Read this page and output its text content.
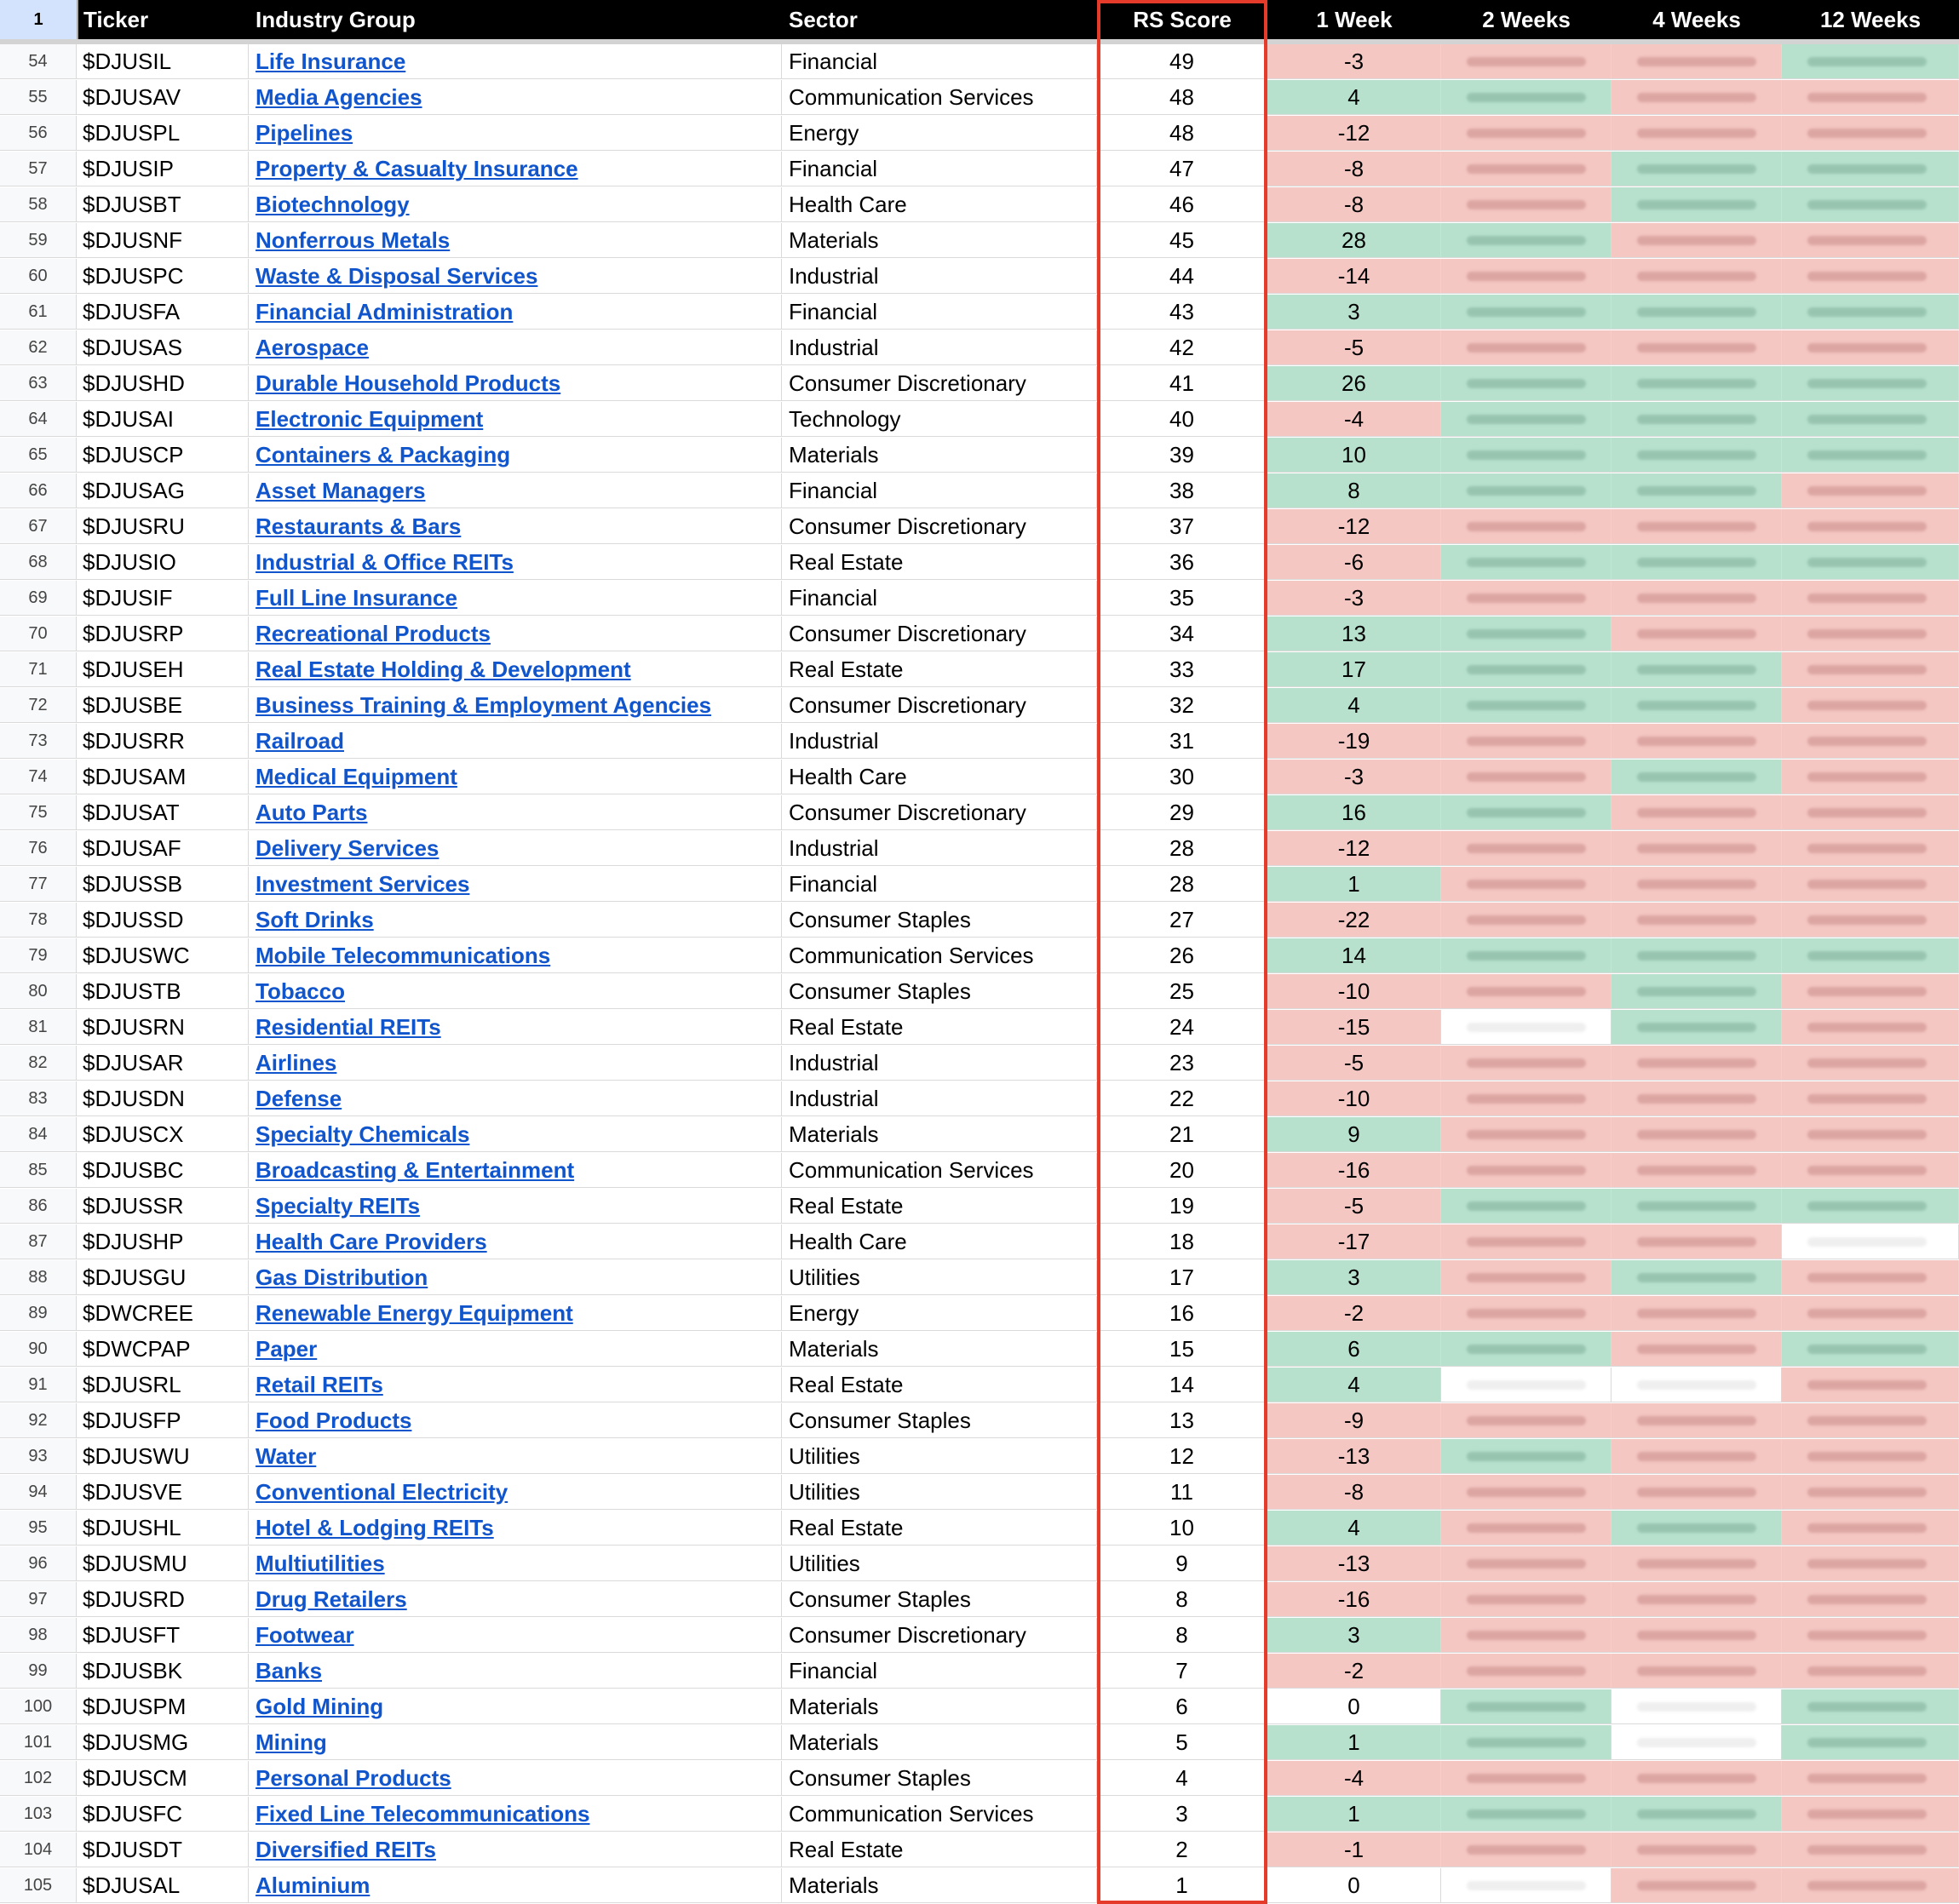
1	Ticker	Industry Group	Sector	RS Score	1 Week	2 Weeks	4 Weeks	12 Weeks
54	$DJUSIL	Life Insurance	Financial	49	-3
55	$DJUSAV	Media Agencies	Communication Services	48	4
56	$DJUSPL	Pipelines	Energy	48	-12
57	$DJUSIP	Property & Casualty Insurance	Financial	47	-8
58	$DJUSBT	Biotechnology	Health Care	46	-8
59	$DJUSNF	Nonferrous Metals	Materials	45	28
60	$DJUSPC	Waste & Disposal Services	Industrial	44	-14
61	$DJUSFA	Financial Administration	Financial	43	3
62	$DJUSAS	Aerospace	Industrial	42	-5
63	$DJUSHD	Durable Household Products	Consumer Discretionary	41	26
64	$DJUSAI	Electronic Equipment	Technology	40	-4
65	$DJUSCP	Containers & Packaging	Materials	39	10
66	$DJUSAG	Asset Managers	Financial	38	8
67	$DJUSRU	Restaurants & Bars	Consumer Discretionary	37	-12
68	$DJUSIO	Industrial & Office REITs	Real Estate	36	-6
69	$DJUSIF	Full Line Insurance	Financial	35	-3
70	$DJUSRP	Recreational Products	Consumer Discretionary	34	13
71	$DJUSEH	Real Estate Holding & Development	Real Estate	33	17
72	$DJUSBE	Business Training & Employment Agencies	Consumer Discretionary	32	4
73	$DJUSRR	Railroad	Industrial	31	-19
74	$DJUSAM	Medical Equipment	Health Care	30	-3
75	$DJUSAT	Auto Parts	Consumer Discretionary	29	16
76	$DJUSAF	Delivery Services	Industrial	28	-12
77	$DJUSSB	Investment Services	Financial	28	1
78	$DJUSSD	Soft Drinks	Consumer Staples	27	-22
79	$DJUSWC	Mobile Telecommunications	Communication Services	26	14
80	$DJUSTB	Tobacco	Consumer Staples	25	-10
81	$DJUSRN	Residential REITs	Real Estate	24	-15
82	$DJUSAR	Airlines	Industrial	23	-5
83	$DJUSDN	Defense	Industrial	22	-10
84	$DJUSCX	Specialty Chemicals	Materials	21	9
85	$DJUSBC	Broadcasting & Entertainment	Communication Services	20	-16
86	$DJUSSR	Specialty REITs	Real Estate	19	-5
87	$DJUSHP	Health Care Providers	Health Care	18	-17
88	$DJUSGU	Gas Distribution	Utilities	17	3
89	$DWCREE	Renewable Energy Equipment	Energy	16	-2
90	$DWCPAP	Paper	Materials	15	6
91	$DJUSRL	Retail REITs	Real Estate	14	4
92	$DJUSFP	Food Products	Consumer Staples	13	-9
93	$DJUSWU	Water	Utilities	12	-13
94	$DJUSVE	Conventional Electricity	Utilities	11	-8
95	$DJUSHL	Hotel & Lodging REITs	Real Estate	10	4
96	$DJUSMU	Multiutilities	Utilities	9	-13
97	$DJUSRD	Drug Retailers	Consumer Staples	8	-16
98	$DJUSFT	Footwear	Consumer Discretionary	8	3
99	$DJUSBK	Banks	Financial	7	-2
100	$DJUSPM	Gold Mining	Materials	6	0
101	$DJUSMG	Mining	Materials	5	1
102	$DJUSCM	Personal Products	Consumer Staples	4	-4
103	$DJUSFC	Fixed Line Telecommunications	Communication Services	3	1
104	$DJUSDT	Diversified REITs	Real Estate	2	-1
105	$DJUSAL	Aluminium	Materials	1	0
